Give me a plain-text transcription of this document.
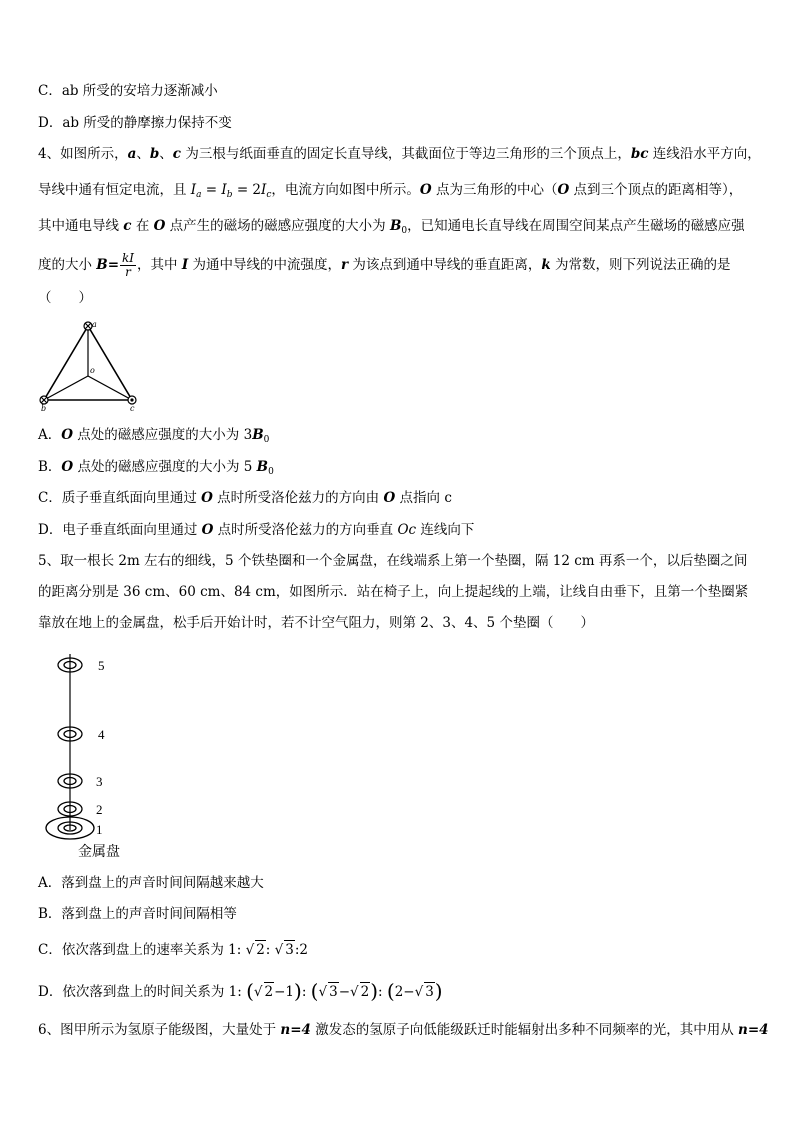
C．ab 所受的安培力逐渐减小
D．ab 所受的静摩擦力保持不变
4、如图所示，a、b、c 为三根与纸面垂直的固定长直导线，其截面位于等边三角形的三个顶点上，bc 连线沿水平方向，
导线中通有恒定电流，且 $I_a = I_b = 2I_c$，电流方向如图中所示。O 点为三角形的中心（O 点到三个顶点的距离相等），
其中通电导线 c 在 O 点产生的磁场的磁感应强度的大小为 $B_0$，已知通电长直导线在周围空间某点产生磁场的磁感应强
度的大小 $B= \frac{kI}{r}$ ，其中 I 为通中导线的中流强度，r 为该点到通中导线的垂直距离，k 为常数，则下列说法正确的是
（　　）
a
o
b	c
A．O 点处的磁感应强度的大小为 $3B_0$
B．O 点处的磁感应强度的大小为 5 $B_0$
C．质子垂直纸面向里通过 O 点时所受洛伦兹力的方向由 O 点指向 c
D．电子垂直纸面向里通过 O 点时所受洛伦兹力的方向垂直 Oc 连线向下
5、取一根长 2m 左右的细线，5 个铁垫圈和一个金属盘，在线端系上第一个垫圈，隔 12 cm 再系一个，以后垫圈之间
的距离分别是 36 cm、60 cm、84 cm，如图所示．站在椅子上，向上提起线的上端，让线自由垂下，且第一个垫圈紧
靠放在地上的金属盘，松手后开始计时，若不计空气阻力，则第 2、3、4、5 个垫圈（　　）
5
4
3
2
1
金属盘
A．落到盘上的声音时间间隔越来越大
B．落到盘上的声音时间间隔相等
C．依次落到盘上的速率关系为 1: √ 2: √ 3:2
D．依次落到盘上的时间关系为 1: (√ 2−1): (√ 3−√ 2): (2−√ 3)
6、图甲所示为氢原子能级图，大量处于 n=4 激发态的氢原子向低能级跃迁时能辐射出多种不同频率的光，其中用从 n=4
